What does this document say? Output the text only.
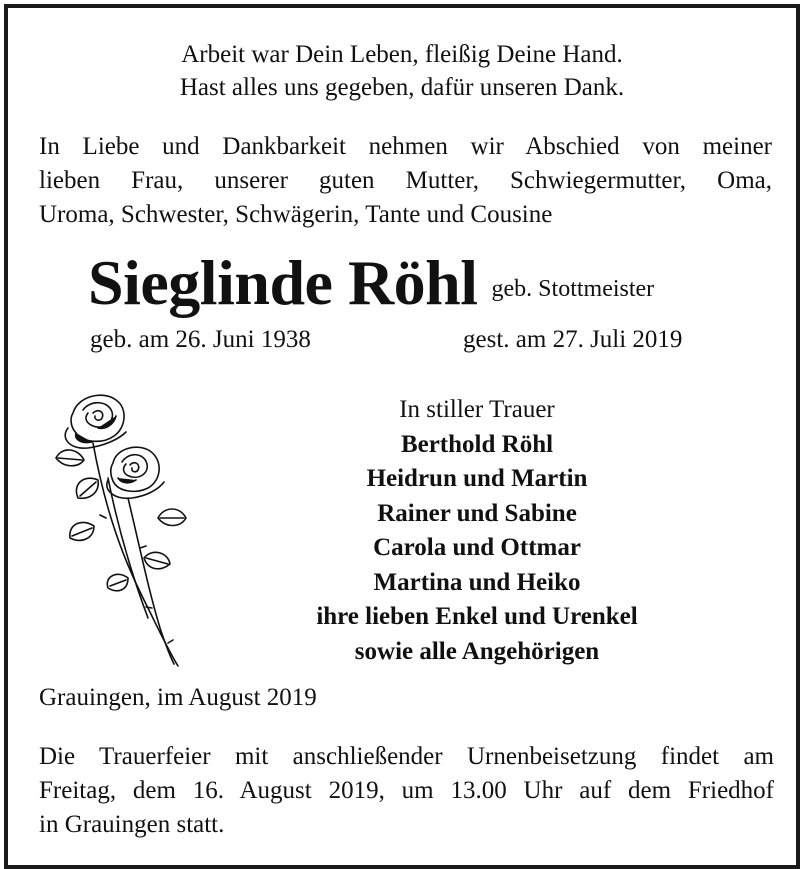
Arbeit war Dein Leben, fleißig Deine Hand.
Hast alles uns gegeben, dafür unseren Dank.
In Liebe und Dankbarkeit nehmen wir Abschied von meiner
lieben Frau, unserer guten Mutter, Schwiegermutter, Oma,
Uroma, Schwester, Schwägerin, Tante und Cousine
Sieglinde Röhl geb. Stottmeister
geb. am 26. Juni 1938	gest. am 27. Juli 2019
In stiller Trauer
Berthold Röhl
Heidrun und Martin
Rainer und Sabine
Carola und Ottmar
Martina und Heiko
ihre lieben Enkel und Urenkel
sowie alle Angehörigen
Grauingen, im August 2019
Die Trauerfeier mit anschließender Urnenbeisetzung findet am
Freitag, dem 16. August 2019, um 13.00 Uhr auf dem Friedhof
in Grauingen statt.
